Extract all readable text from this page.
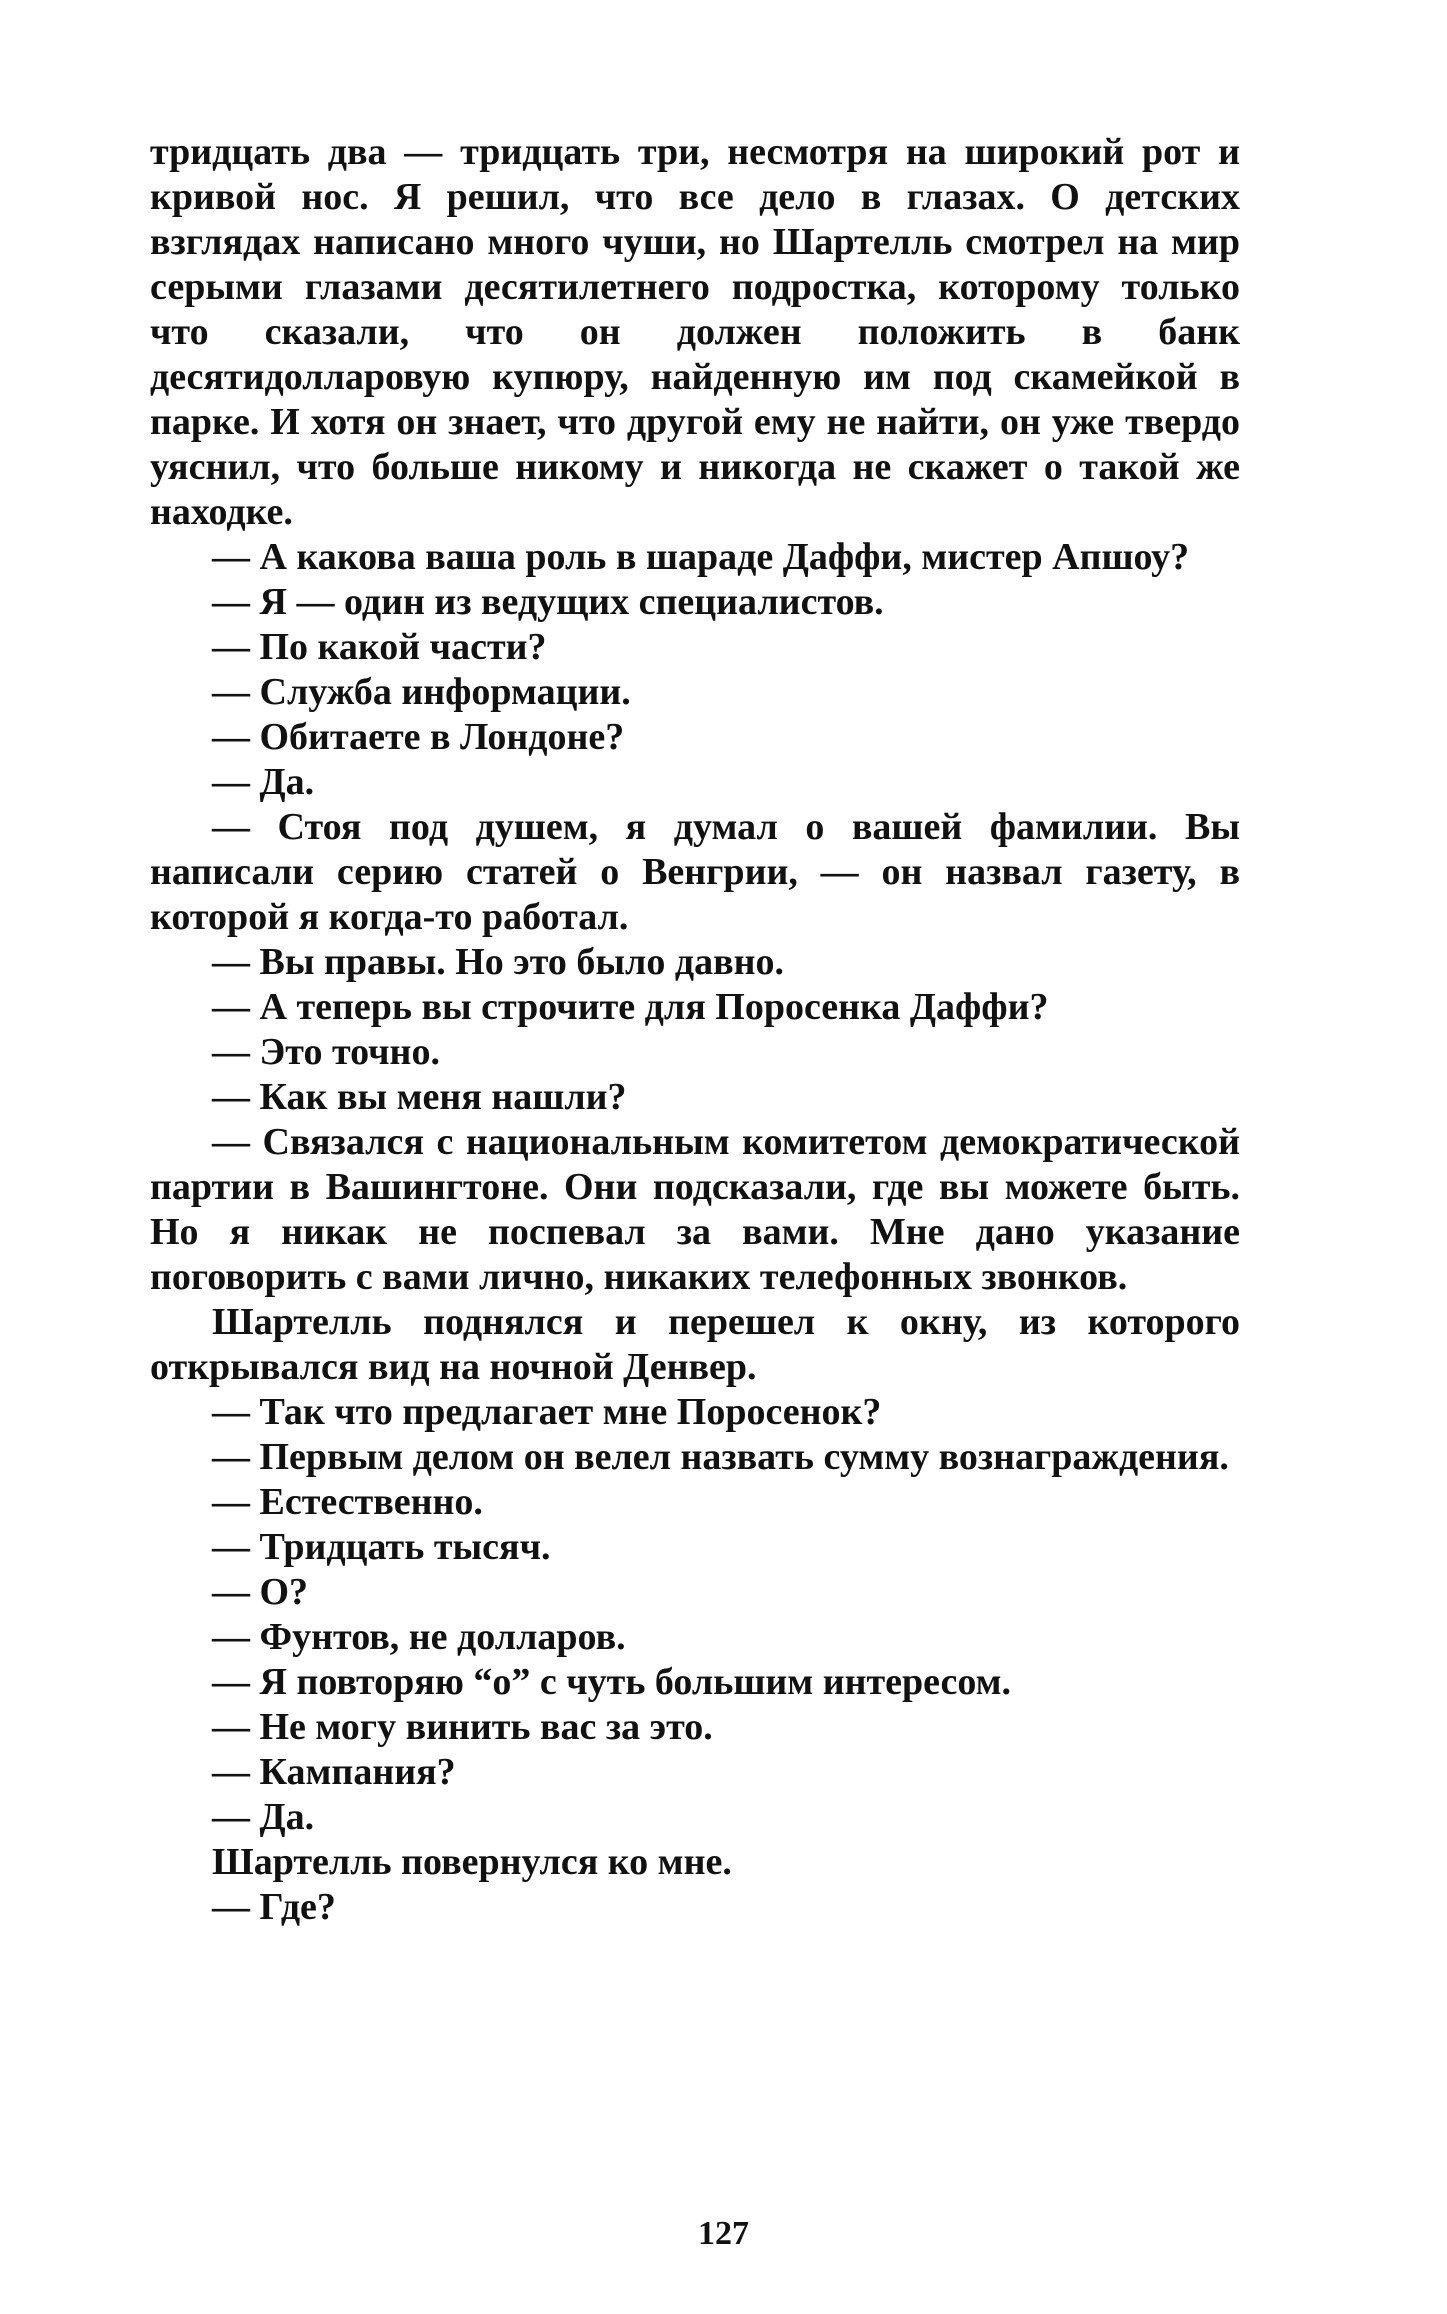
тридцать два — тридцать три, несмотря на широкий рот и кривой нос. Я решил, что все дело в глазах. О детских взглядах написано много чуши, но Шартелль смотрел на мир серыми глазами десятилетнего подростка, которому только что сказали, что он должен положить в банк десятидолларовую купюру, найденную им под скамейкой в парке. И хотя он знает, что другой ему не найти, он уже твердо уяснил, что больше никому и никогда не скажет о такой же находке.

— А какова ваша роль в шараде Даффи, мистер Апшоу?

— Я — один из ведущих специалистов.

— По какой части?

— Служба информации.

— Обитаете в Лондоне?

— Да.

— Стоя под душем, я думал о вашей фамилии. Вы написали серию статей о Венгрии, — он назвал газету, в которой я когда-то работал.

— Вы правы. Но это было давно.

— А теперь вы строчите для Поросенка Даффи?

— Это точно.

— Как вы меня нашли?

— Связался с национальным комитетом демократической партии в Вашингтоне. Они подсказали, где вы можете быть. Но я никак не поспевал за вами. Мне дано указание поговорить с вами лично, никаких телефонных звонков.

Шартелль поднялся и перешел к окну, из которого открывался вид на ночной Денвер.

— Так что предлагает мне Поросенок?

— Первым делом он велел назвать сумму вознаграждения.

— Естественно.

— Тридцать тысяч.

— О?

— Фунтов, не долларов.

— Я повторяю “о” с чуть большим интересом.

— Не могу винить вас за это.

— Кампания?

— Да.

Шартелль повернулся ко мне.

— Где?

127
